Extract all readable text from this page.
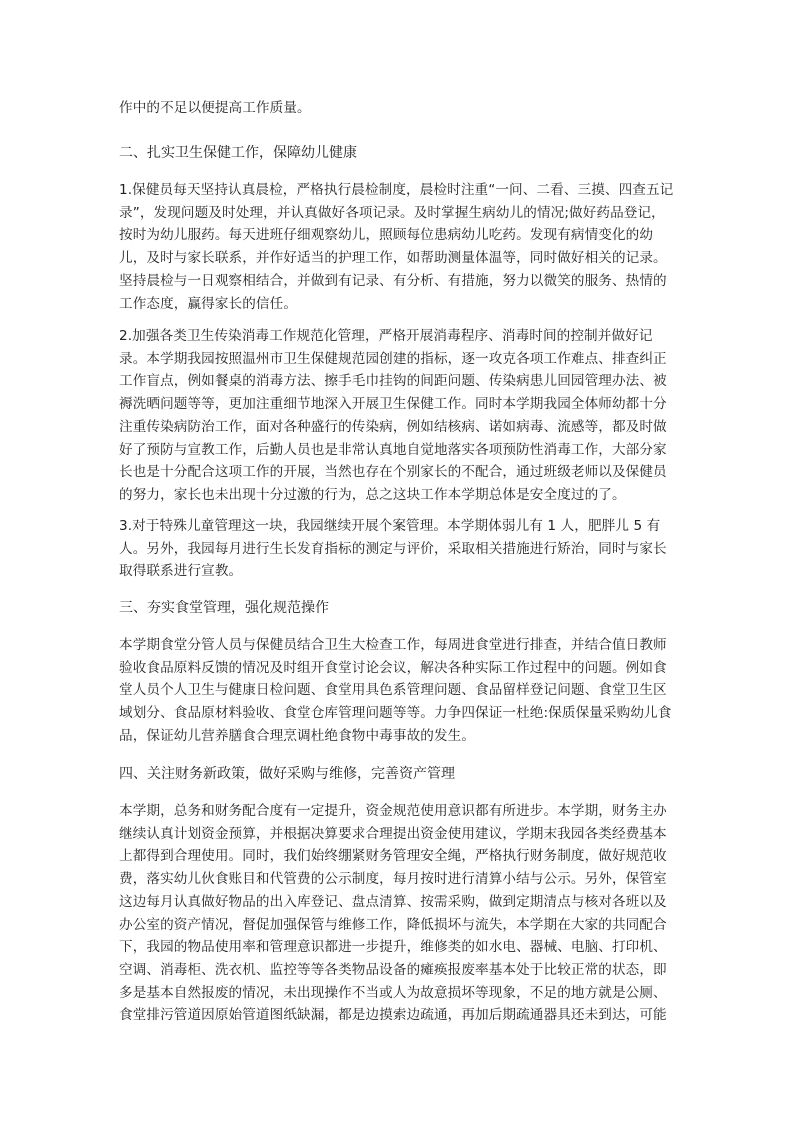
作中的不足以便提高工作质量。

二、扎实卫生保健工作，保障幼儿健康

1.保健员每天坚持认真晨检，严格执行晨检制度，晨检时注重“一问、二看、三摸、四查五记录”，发现问题及时处理，并认真做好各项记录。及时掌握生病幼儿的情况;做好药品登记，按时为幼儿服药。每天进班仔细观察幼儿，照顾每位患病幼儿吃药。发现有病情变化的幼儿，及时与家长联系，并作好适当的护理工作，如帮助测量体温等，同时做好相关的记录。坚持晨检与一日观察相结合，并做到有记录、有分析、有措施，努力以微笑的服务、热情的工作态度，赢得家长的信任。

2.加强各类卫生传染消毒工作规范化管理，严格开展消毒程序、消毒时间的控制并做好记录。本学期我园按照温州市卫生保健规范园创建的指标，逐一攻克各项工作难点、排查纠正工作盲点，例如餐桌的消毒方法、擦手毛巾挂钩的间距问题、传染病患儿回园管理办法、被褥洗晒问题等等，更加注重细节地深入开展卫生保健工作。同时本学期我园全体师幼都十分注重传染病防治工作，面对各种盛行的传染病，例如结核病、诺如病毒、流感等，都及时做好了预防与宣教工作，后勤人员也是非常认真地自觉地落实各项预防性消毒工作，大部分家长也是十分配合这项工作的开展，当然也存在个别家长的不配合，通过班级老师以及保健员的努力，家长也未出现十分过激的行为，总之这块工作本学期总体是安全度过的了。

3.对于特殊儿童管理这一块，我园继续开展个案管理。本学期体弱儿有 1 人，肥胖儿 5 有人。另外，我园每月进行生长发育指标的测定与评价，采取相关措施进行矫治，同时与家长取得联系进行宣教。

三、夯实食堂管理，强化规范操作

本学期食堂分管人员与保健员结合卫生大检查工作，每周进食堂进行排查，并结合值日教师验收食品原料反馈的情况及时组开食堂讨论会议，解决各种实际工作过程中的问题。例如食堂人员个人卫生与健康日检问题、食堂用具色系管理问题、食品留样登记问题、食堂卫生区域划分、食品原材料验收、食堂仓库管理问题等等。力争四保证一杜绝:保质保量采购幼儿食品，保证幼儿营养膳食合理烹调杜绝食物中毒事故的发生。

四、关注财务新政策，做好采购与维修，完善资产管理

本学期，总务和财务配合度有一定提升，资金规范使用意识都有所进步。本学期，财务主办继续认真计划资金预算，并根据决算要求合理提出资金使用建议，学期末我园各类经费基本上都得到合理使用。同时，我们始终绷紧财务管理安全绳，严格执行财务制度，做好规范收费，落实幼儿伙食账目和代管费的公示制度，每月按时进行清算小结与公示。另外，保管室这边每月认真做好物品的出入库登记、盘点清算、按需采购，做到定期清点与核对各班以及办公室的资产情况，督促加强保管与维修工作，降低损坏与流失，本学期在大家的共同配合下，我园的物品使用率和管理意识都进一步提升，维修类的如水电、器械、电脑、打印机、空调、消毒柜、洗衣机、监控等等各类物品设备的瘫痪报废率基本处于比较正常的状态，即多是基本自然报废的情况，未出现操作不当或人为故意损坏等现象，不足的地方就是公厕、食堂排污管道因原始管道图纸缺漏，都是边摸索边疏通，再加后期疏通器具还未到达，可能
